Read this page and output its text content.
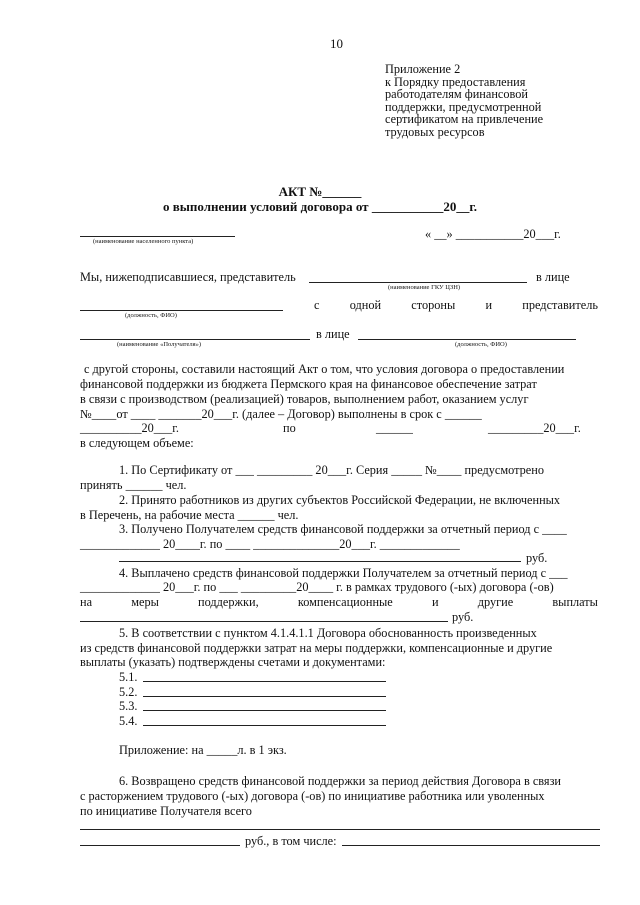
10
Приложение 2
к Порядку предоставления
работодателям финансовой
поддержки, предусмотренной
сертификатом на привлечение
трудовых ресурсов
АКТ №______
о выполнении условий договора от ___________20__г.
(наименование населенного пункта)
« __» ___________20___г.
Мы, нижеподписавшиеся, представитель	в лице
(наименование ГКУ ЦЗН)
с одной стороны и представитель
(должность, ФИО)
в лице
(наименование «Получателя»)	(должность, ФИО)
с другой стороны, составили настоящий Акт о том, что условия договора о предоставлении
финансовой поддержки из бюджета Пермского края на финансовое обеспечение затрат
в связи с производством (реализацией) товаров, выполнением работ, оказанием услуг
№____от ____ _______20___г. (далее – Договор) выполнены в срок с ______
__________20___г.	по	______	_________20___г.
в следующем объеме:
1. По Сертификату от ___ _________ 20___г. Серия _____ №____ предусмотрено
принять ______ чел.
2. Принято работников из других субъектов Российской Федерации, не включенных
в Перечень, на рабочие места ______ чел.
3. Получено Получателем средств финансовой поддержки за отчетный период с ____
_____________ 20____г. по ____ ______________20___г. _____________
руб.
4. Выплачено средств финансовой поддержки Получателем за отчетный период с ___
_____________ 20___г. по ___ _________20____ г. в рамках трудового (-ых) договора (-ов)
на	меры	поддержки,	компенсационные	и	другие	выплаты
руб.
5. В соответствии с пунктом 4.1.4.1.1 Договора обоснованность произведенных
из средств финансовой поддержки затрат на меры поддержки, компенсационные и другие
выплаты (указать) подтверждены счетами и документами:
5.1.
5.2.
5.3.
5.4.
Приложение: на _____л. в 1 экз.
6. Возвращено средств финансовой поддержки за период действия Договора в связи
с расторжением трудового (-ых) договора (-ов) по инициативе работника или уволенных
по инициативе Получателя всего
руб., в том числе:
